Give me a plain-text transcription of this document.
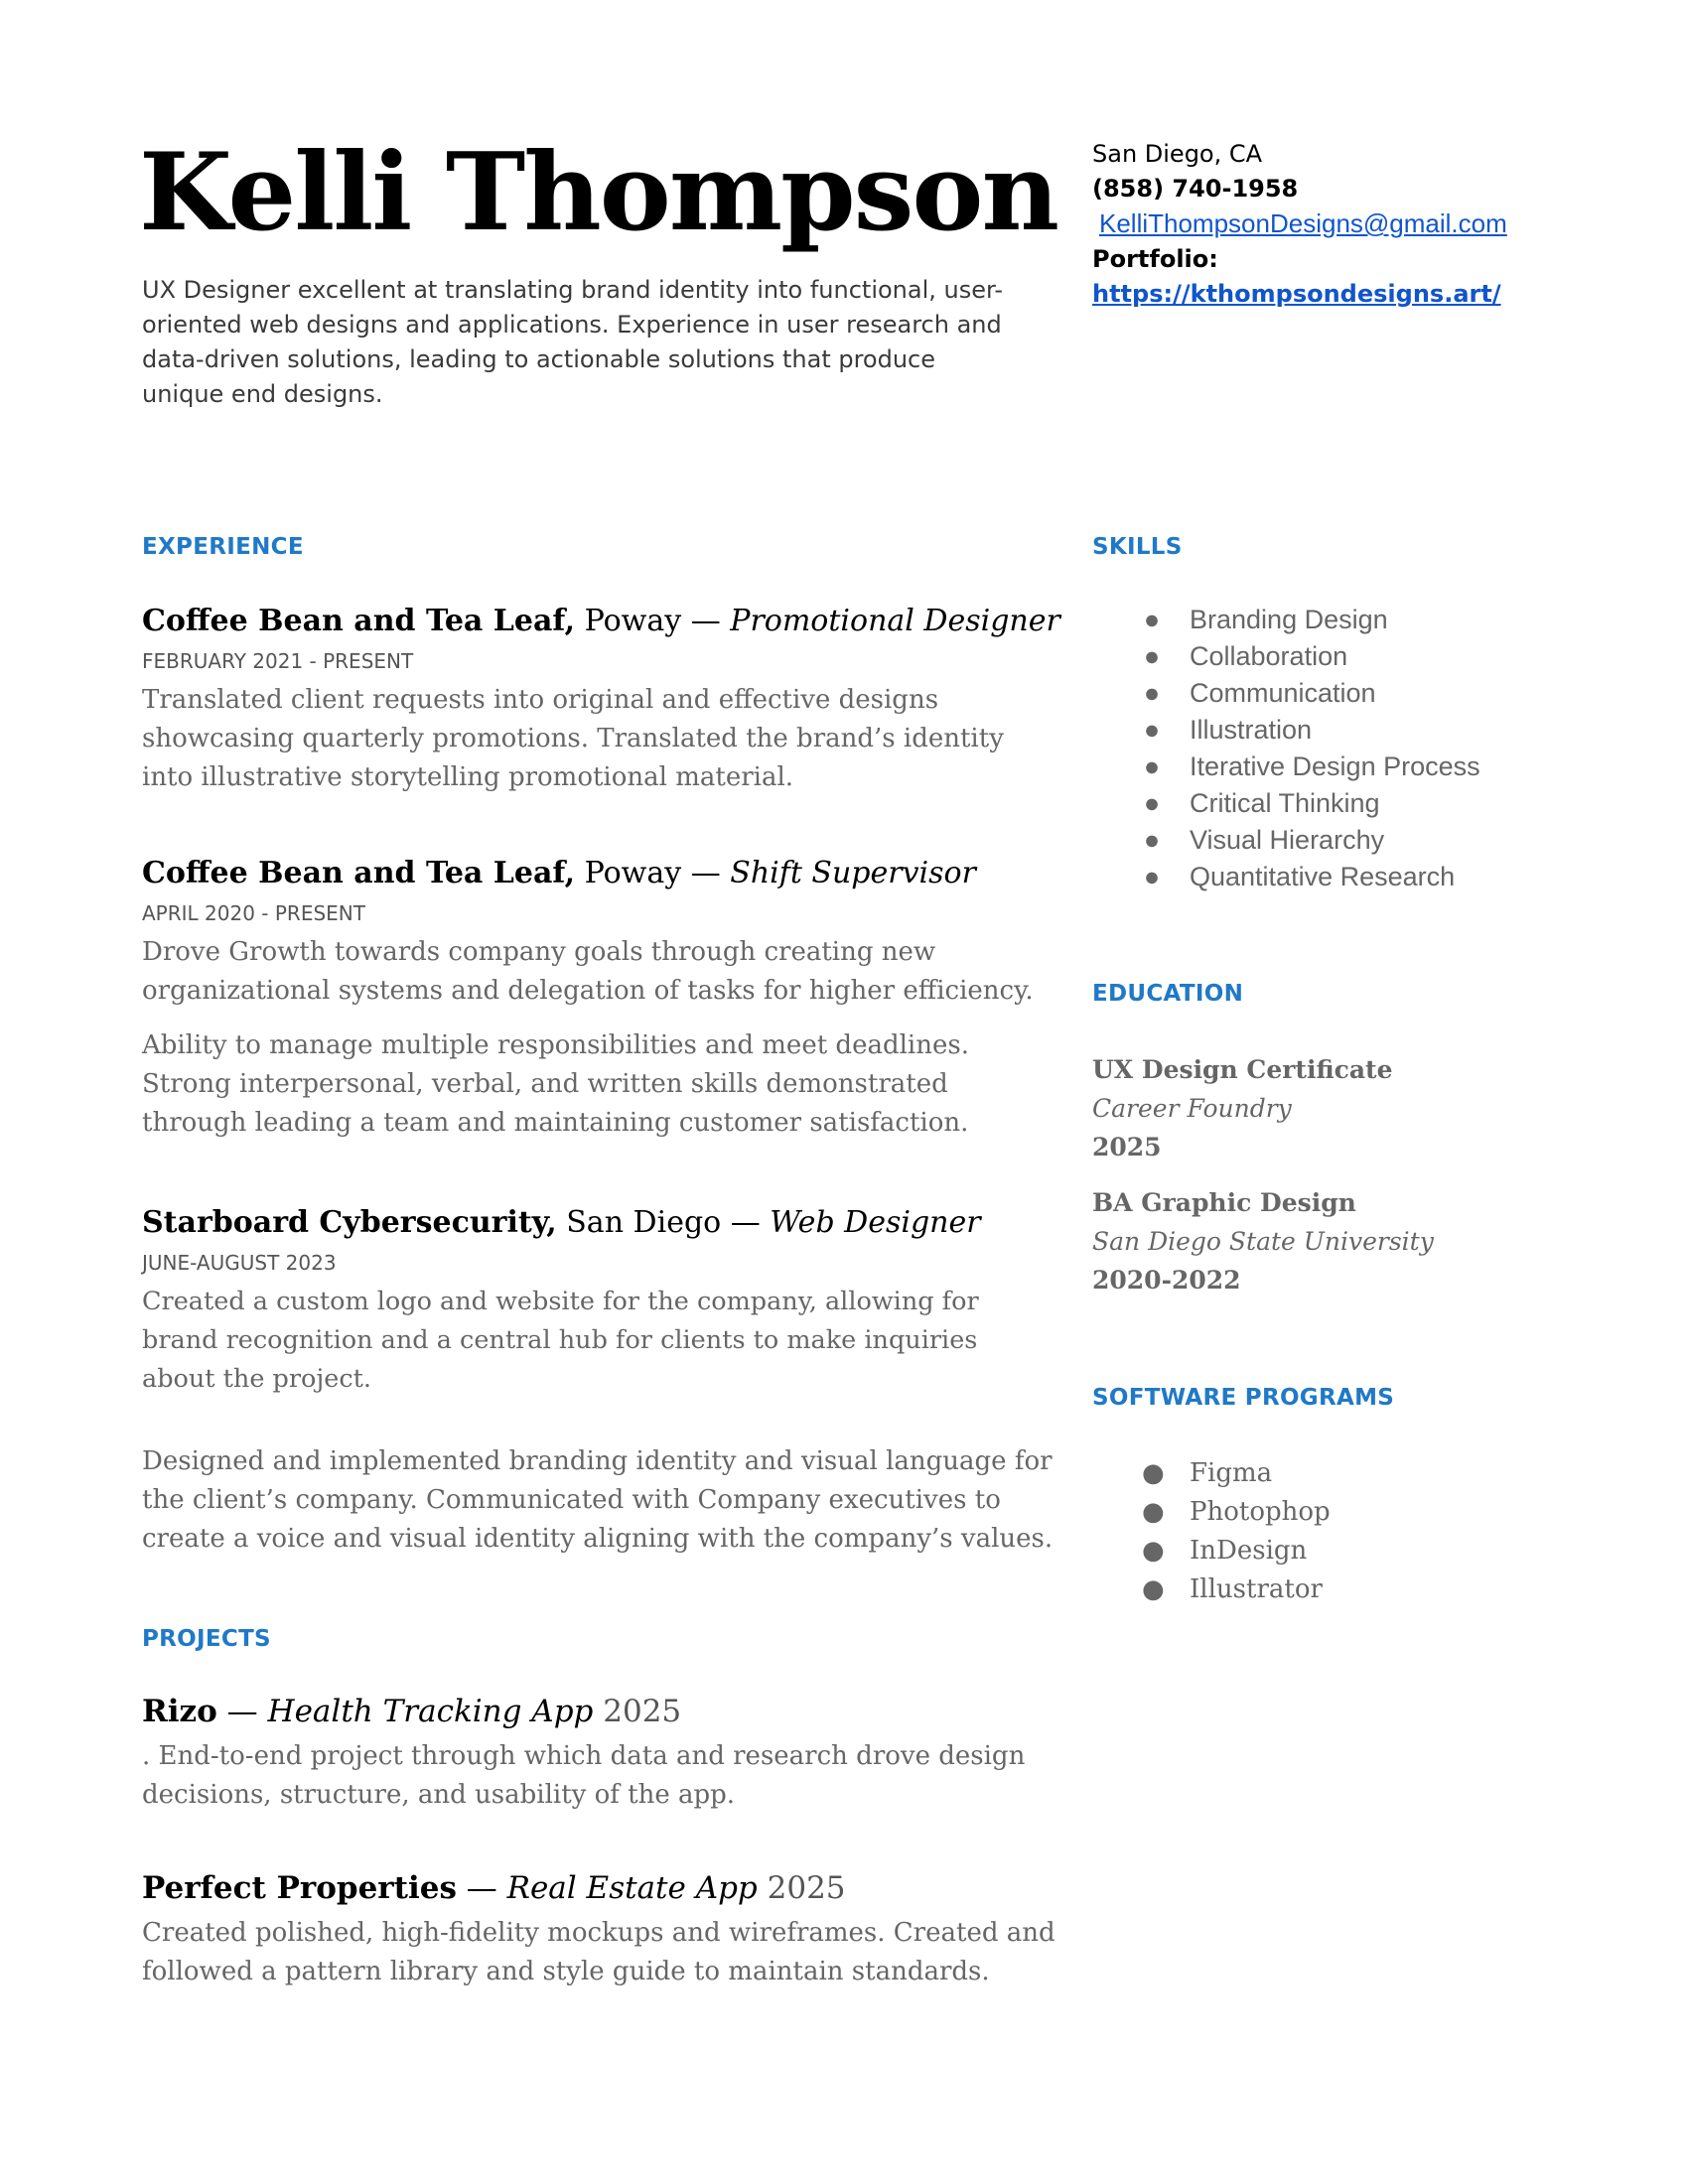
Kelli Thompson

UX Designer excellent at translating brand identity into functional, user-oriented web designs and applications. Experience in user research and data-driven solutions, leading to actionable solutions that produce unique end designs.

San Diego, CA
(858) 740-1958
KelliThompsonDesigns@gmail.com
Portfolio:
https://kthompsondesigns.art/
EXPERIENCE

Coffee Bean and Tea Leaf, Poway — Promotional Designer

FEBRUARY 2021 - PRESENT

Translated client requests into original and effective designs showcasing quarterly promotions. Translated the brand’s identity into illustrative storytelling promotional material.

Coffee Bean and Tea Leaf, Poway — Shift Supervisor

APRIL 2020 - PRESENT

Drove Growth towards company goals through creating new organizational systems and delegation of tasks for higher efficiency.

Ability to manage multiple responsibilities and meet deadlines. Strong interpersonal, verbal, and written skills demonstrated through leading a team and maintaining customer satisfaction.

Starboard Cybersecurity, San Diego — Web Designer

JUNE-AUGUST 2023

Created a custom logo and website for the company, allowing for brand recognition and a central hub for clients to make inquiries about the project.

Designed and implemented branding identity and visual language for the client’s company. Communicated with Company executives to create a voice and visual identity aligning with the company’s values.

PROJECTS

Rizo — Health Tracking App 2025

. End-to-end project through which data and research drove design decisions, structure, and usability of the app.

Perfect Properties — Real Estate App 2025

Created polished, high-fidelity mockups and wireframes. Created and followed a pattern library and style guide to maintain standards.

SKILLS
● Branding Design
● Collaboration
● Communication
● Illustration
● Iterative Design Process
● Critical Thinking
● Visual Hierarchy
● Quantitative Research
EDUCATION
UX Design Certificate
Career Foundry
2025
BA Graphic Design
San Diego State University
2020-2022
SOFTWARE PROGRAMS
● Figma
● Photophop
● InDesign
● Illustrator
